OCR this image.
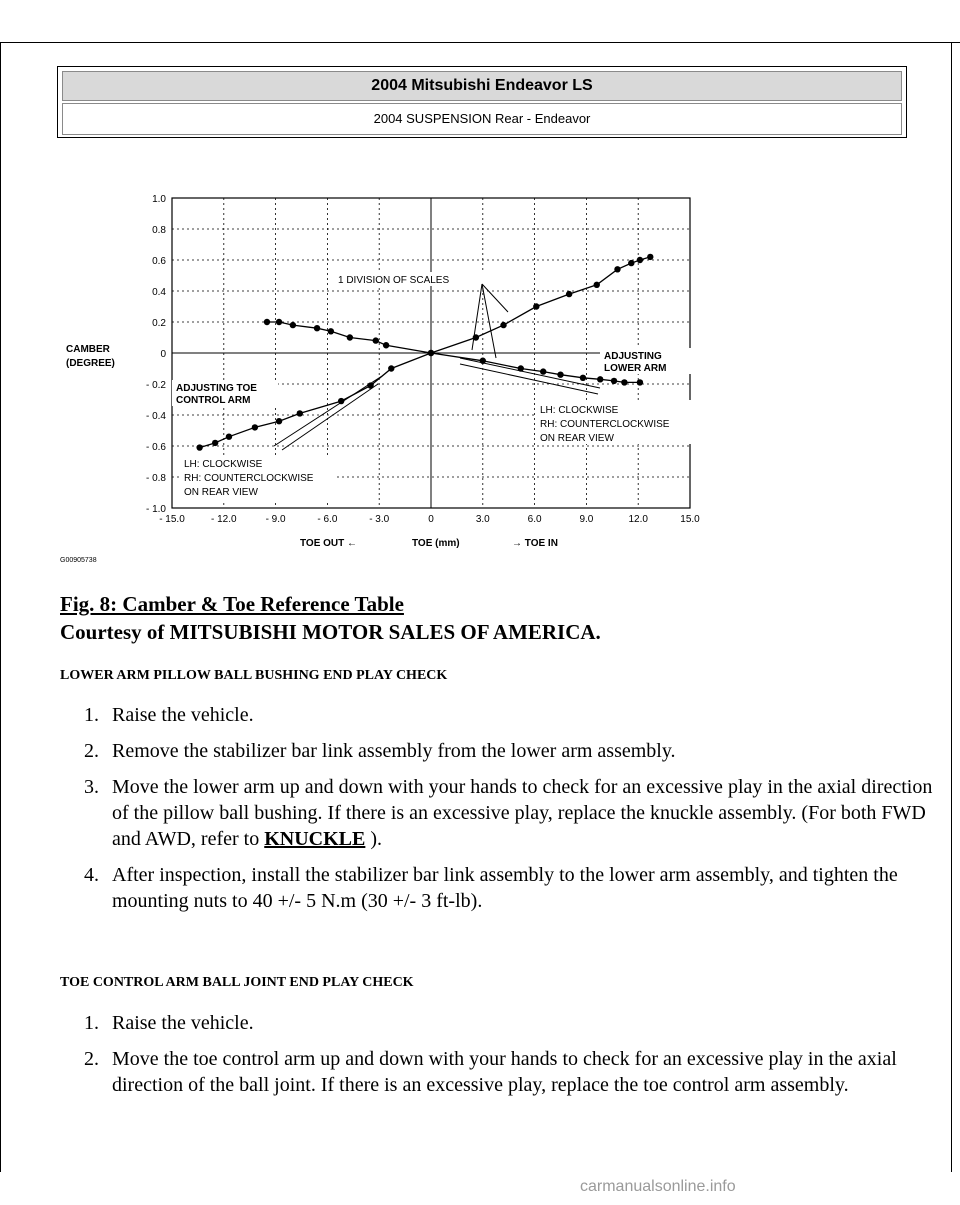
2004 Mitsubishi Endeavor LS
2004 SUSPENSION Rear - Endeavor
- 15.0	- 12.0	- 9.0	- 6.0	- 3.0	0	3.0	6.0	9.0	12.0	15.0
1.0
0.8
0.6
0.4
0.2
0
- 0.2
- 0.4
- 0.6
- 0.8
- 1.0
CAMBER
(DEGREE)
TOE OUT ←	TOE (mm)	→ TOE IN
1 DIVISION OF SCALES
ADJUSTING TOE
CONTROL ARM
ADJUSTING
LOWER ARM
LH: CLOCKWISE
RH: COUNTERCLOCKWISE
ON REAR VIEW
LH: CLOCKWISE
RH: COUNTERCLOCKWISE
ON REAR VIEW
G00905738
Fig. 8: Camber & Toe Reference Table
Courtesy of MITSUBISHI MOTOR SALES OF AMERICA.
LOWER ARM PILLOW BALL BUSHING END PLAY CHECK
1. Raise the vehicle.
2. Remove the stabilizer bar link assembly from the lower arm assembly.
3. Move the lower arm up and down with your hands to check for an excessive play in the axial direction of the pillow ball bushing. If there is an excessive play, replace the knuckle assembly. (For both FWD and AWD, refer to KNUCKLE ).
4. After inspection, install the stabilizer bar link assembly to the lower arm assembly, and tighten the mounting nuts to 40 +/- 5 N.m (30 +/- 3 ft-lb).
TOE CONTROL ARM BALL JOINT END PLAY CHECK
1. Raise the vehicle.
2. Move the toe control arm up and down with your hands to check for an excessive play in the axial direction of the ball joint. If there is an excessive play, replace the toe control arm assembly.
carmanualsonline.info
